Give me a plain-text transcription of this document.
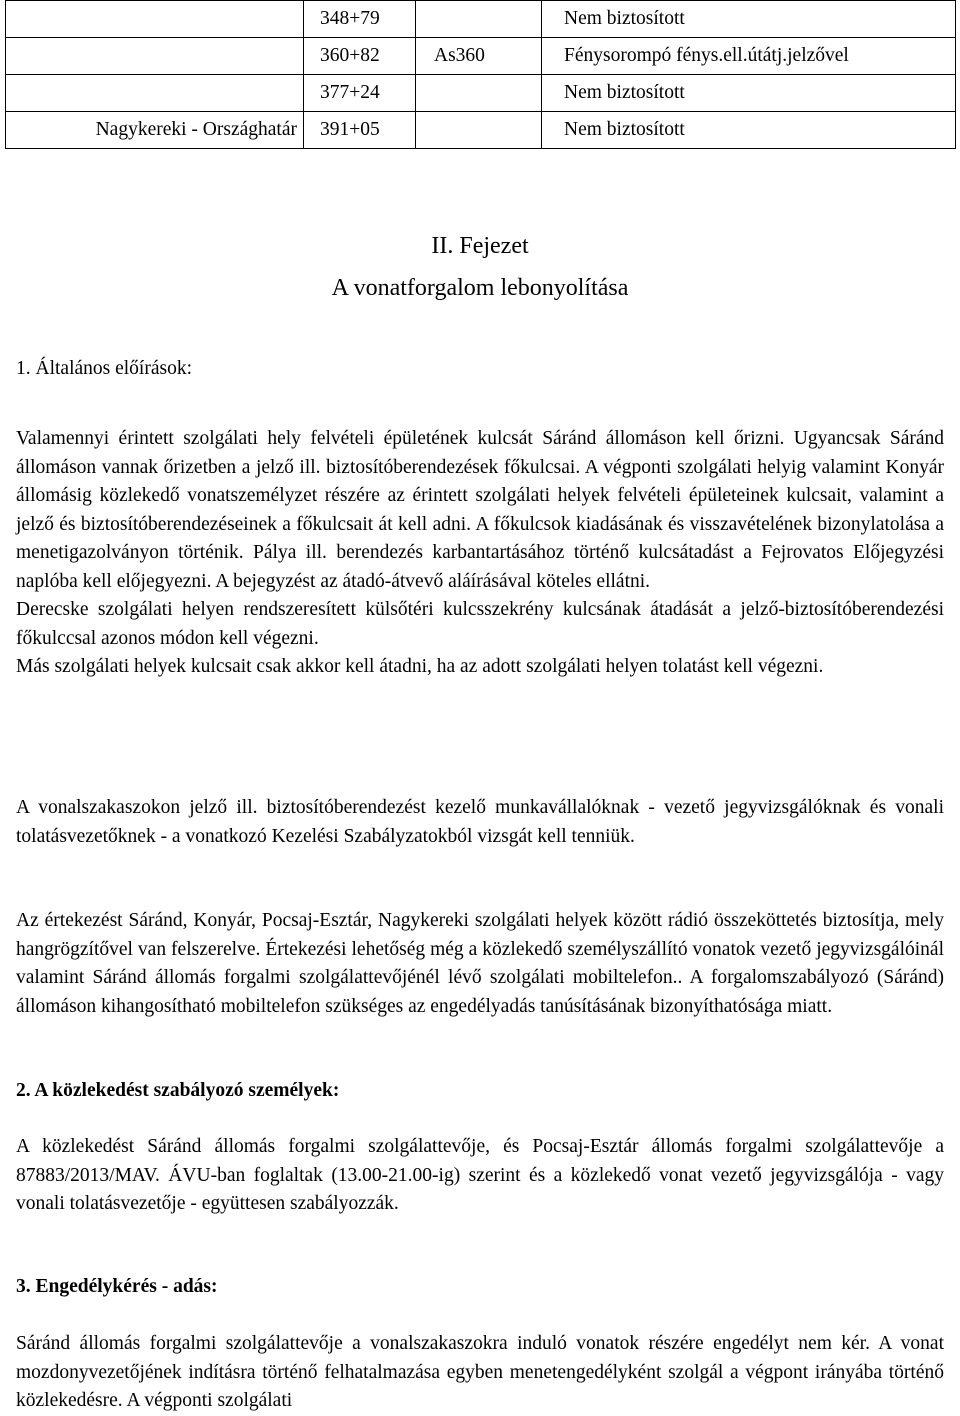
	348+79		Nem biztosított
	360+82	As360	Fénysorompó fénys.ell.útátj.jelzővel
	377+24		Nem biztosított
Nagykereki - Országhatár	391+05		Nem biztosított
II. Fejezet
A vonatforgalom lebonyolítása
1. Általános előírások:

Valamennyi érintett szolgálati hely felvételi épületének kulcsát Sáránd állomáson kell őrizni. Ugyancsak Sáránd állomáson vannak őrizetben a jelző ill. biztosítóberendezések főkulcsai. A végponti szolgálati helyig valamint Konyár állomásig közlekedő vonatszemélyzet részére az érintett szolgálati helyek felvételi épületeinek kulcsait, valamint a jelző és biztosítóberendezéseinek a főkulcsait át kell adni. A főkulcsok kiadásának és visszavételének bizonylatolása a menetigazolványon történik. Pálya ill. berendezés karbantartásához történő kulcsátadást a Fejrovatos Előjegyzési naplóba kell előjegyezni. A bejegyzést az átadó-átvevő aláírásával köteles ellátni.

Derecske szolgálati helyen rendszeresített külsőtéri kulcsszekrény kulcsának átadását a jelző-biztosítóberendezési főkulccsal azonos módon kell végezni.

Más szolgálati helyek kulcsait csak akkor kell átadni, ha az adott szolgálati helyen tolatást kell végezni.

A vonalszakaszokon jelző ill. biztosítóberendezést kezelő munkavállalóknak - vezető jegyvizsgálóknak és vonali tolatásvezetőknek - a vonatkozó Kezelési Szabályzatokból vizsgát kell tenniük.
Az értekezést Sáránd, Konyár, Pocsaj-Esztár, Nagykereki szolgálati helyek között rádió összeköttetés biztosítja, mely hangrögzítővel van felszerelve. Értekezési lehetőség még a közlekedő személyszállító vonatok vezető jegyvizsgálóinál valamint Sáránd állomás forgalmi szolgálattevőjénél lévő szolgálati mobiltelefon.. A forgalomszabályozó (Sáránd) állomáson kihangosítható mobiltelefon szükséges az engedélyadás tanúsításának bizonyíthatósága miatt.
2. A közlekedést szabályozó személyek:
A közlekedést Sáránd állomás forgalmi szolgálattevője, és Pocsaj-Esztár állomás forgalmi szolgálattevője a 87883/2013/MAV. ÁVU-ban foglaltak (13.00-21.00-ig) szerint és a közlekedő vonat vezető jegyvizsgálója - vagy vonali tolatásvezetője - együttesen szabályozzák.
3. Engedélykérés - adás:
Sáránd állomás forgalmi szolgálattevője a vonalszakaszokra induló vonatok részére engedélyt nem kér. A vonat mozdonyvezetőjének indításra történő felhatalmazása egyben menetengedélyként szolgál a végpont irányába történő közlekedésre. A végponti szolgálati
